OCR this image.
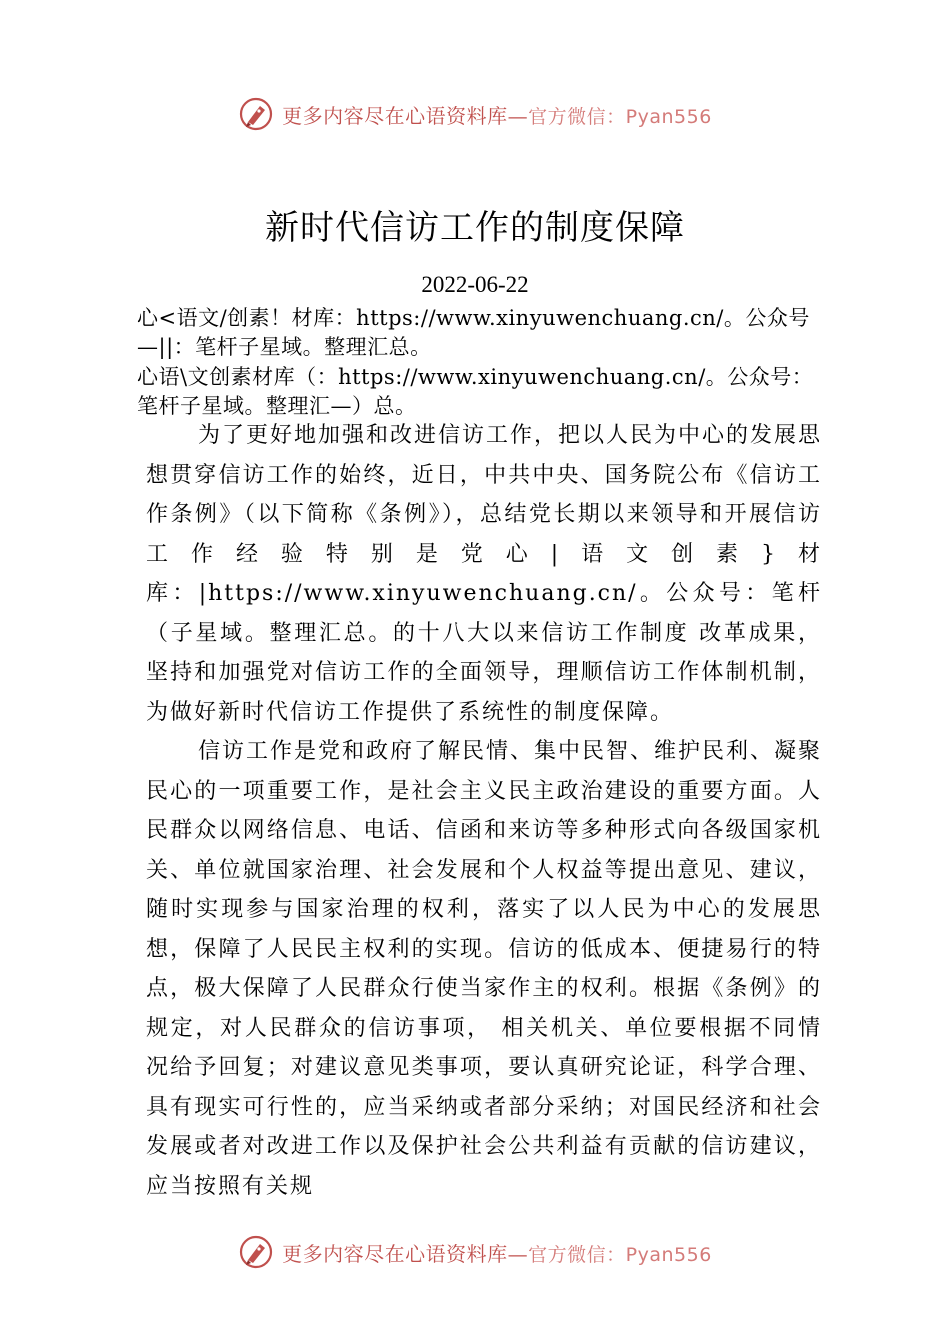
更多内容尽在心语资料库—官方微信：Pyan556
新时代信访工作的制度保障
2022-06-22
心<语文/创素！材库：https://www.xinyuwenchuang.cn/。公众号—||：笔杆子星域。整理汇总。
心语\文创素材库（：https://www.xinyuwenchuang.cn/。公众号：笔杆子星域。整理汇—）总。

为了更好地加强和改进信访工作，把以人民为中心的发展思想贯穿信访工作的始终，近日，中共中央、国务院公布《信访工作条例》（以下简称《条例》），总结党长期以来领导和开展信访工作经验特别是党心|语文创素}材库：|https://www.xinyuwenchuang.cn/。公众号：笔杆（子星域。整理汇总。的十八大以来信访工作制度 改革成果，坚持和加强党对信访工作的全面领导，理顺信访工作体制机制，为做好新时代信访工作提供了系统性的制度保障。

信访工作是党和政府了解民情、集中民智、维护民利、凝聚民心的一项重要工作，是社会主义民主政治建设的重要方面。人民群众以网络信息、电话、信函和来访等多种形式向各级国家机关、单位就国家治理、社会发展和个人权益等提出意见、建议，随时实现参与国家治理的权利，落实了以人民为中心的发展思想，保障了人民民主权利的实现。信访的低成本、便捷易行的特点，极大保障了人民群众行使当家作主的权利。根据《条例》的规定，对人民群众的信访事项， 相关机关、单位要根据不同情况给予回复；对建议意见类事项，要认真研究论证，科学合理、具有现实可行性的，应当采纳或者部分采纳；对国民经济和社会发展或者对改进工作以及保护社会公共利益有贡献的信访建议，应当按照有关规

更多内容尽在心语资料库—官方微信：Pyan556
